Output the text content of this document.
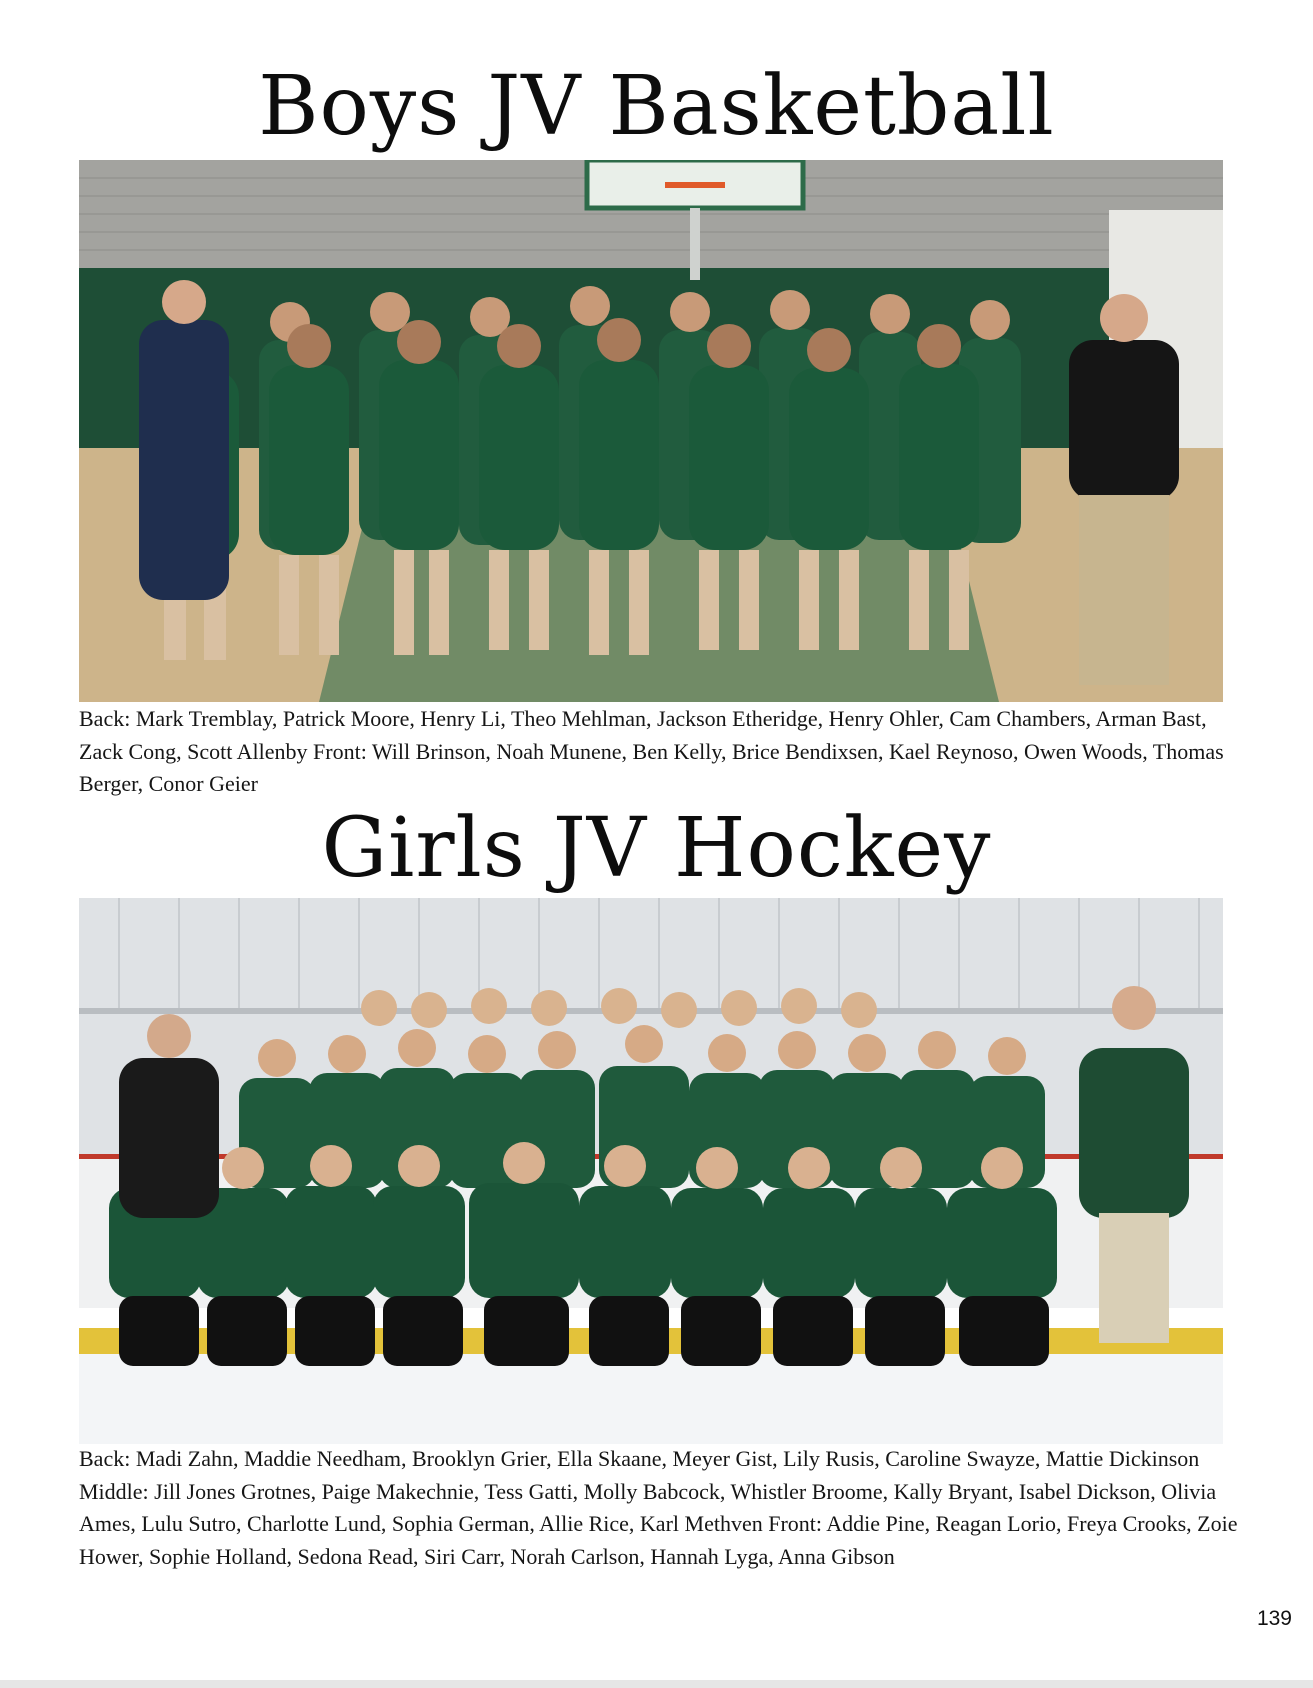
Boys JV Basketball

Back: Mark Tremblay, Patrick Moore, Henry Li, Theo Mehlman, Jackson Etheridge, Henry Ohler, Cam Chambers, Arman Bast, Zack Cong, Scott Allenby Front: Will Brinson, Noah Munene, Ben Kelly, Brice Bendixsen, Kael Reynoso, Owen Woods, Thomas Berger, Conor Geier

Girls JV Hockey

Back: Madi Zahn, Maddie Needham, Brooklyn Grier, Ella Skaane, Meyer Gist, Lily Rusis, Caroline Swayze, Mattie Dickinson Middle: Jill Jones Grotnes, Paige Makechnie, Tess Gatti, Molly Babcock, Whistler Broome, Kally Bryant, Isabel Dickson, Olivia Ames, Lulu Sutro, Charlotte Lund, Sophia German, Allie Rice, Karl Methven Front: Addie Pine, Reagan Lorio, Freya Crooks, Zoie Hower, Sophie Holland, Sedona Read, Siri Carr, Norah Carlson, Hannah Lyga, Anna Gibson

139
